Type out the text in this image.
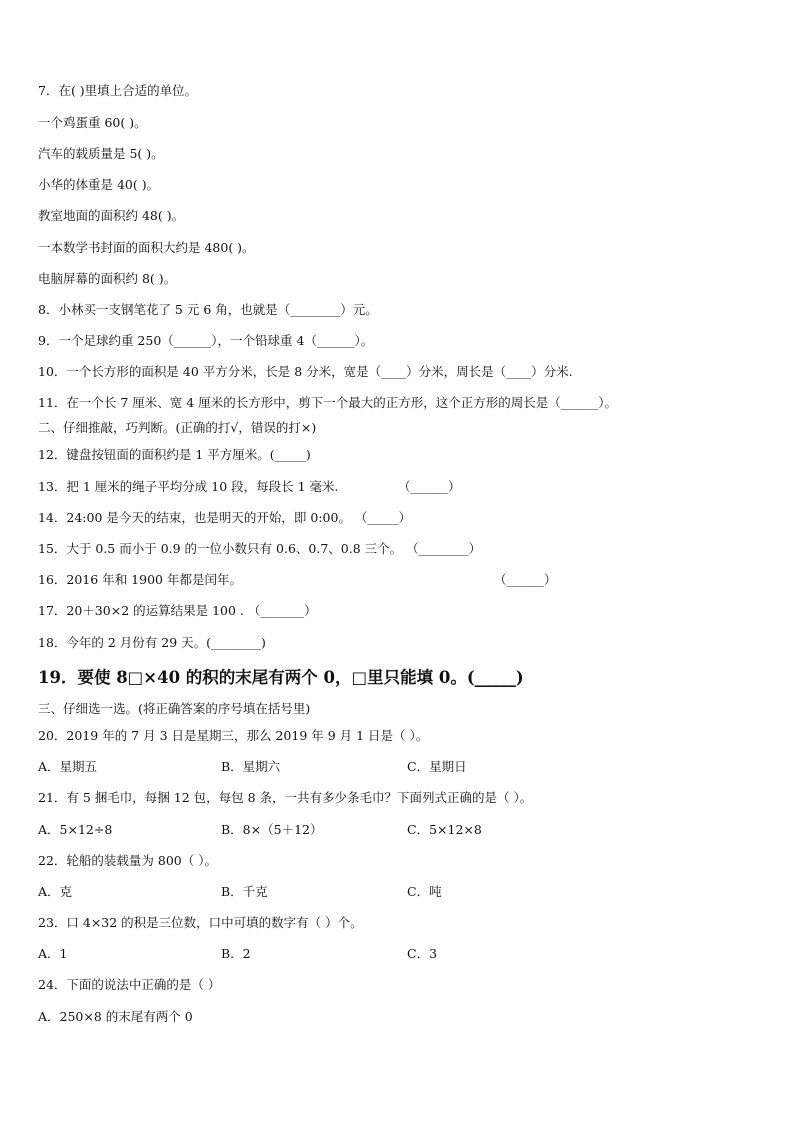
7．在( )里填上合适的单位。
一个鸡蛋重 60( )。
汽车的载质量是 5( )。
小华的体重是 40( )。
教室地面的面积约 48( )。
一本数学书封面的面积大约是 480( )。
电脑屏幕的面积约 8( )。
8．小林买一支钢笔花了 5 元 6 角，也就是（________）元。
9．一个足球约重 250（______），一个铅球重 4（______）。
10．一个长方形的面积是 40 平方分米，长是 8 分米，宽是（____）分米，周长是（____）分米.
11．在一个长 7 厘米、宽 4 厘米的长方形中，剪下一个最大的正方形，这个正方形的周长是（______）。
二、仔细推敲，巧判断。(正确的打√，错误的打×)
12．键盘按钮面的面积约是 1 平方厘米。(_____)
13．把 1 厘米的绳子平均分成 10 段，每段长 1 毫米.	（______）
14．24:00 是今天的结束，也是明天的开始，即 0:00。 （_____）
15．大于 0.5 而小于 0.9 的一位小数只有 0.6、0.7、0.8 三个。 （________）
16．2016 年和 1900 年都是闰年。	（______）
17．20＋30×2 的运算结果是 100 . （_______）
18．今年的 2 月份有 29 天。(________)
19．要使 8□×40 的积的末尾有两个 0，□里只能填 0。(_____)
三、仔细选一选。(将正确答案的序号填在括号里)
20．2019 年的 7 月 3 日是星期三，那么 2019 年 9 月 1 日是（ ）。
A．星期五	B．星期六	C．星期日
21．有 5 捆毛巾，每捆 12 包，每包 8 条，一共有多少条毛巾？下面列式正确的是（ ）。
A．5×12÷8	B．8×（5＋12）	C．5×12×8
22．轮船的装载量为 800（ ）。
A．克	B．千克	C．吨
23．口 4×32 的积是三位数，口中可填的数字有（ ）个。
A．1	B．2	C．3
24．下面的说法中正确的是（ ）
A．250×8 的末尾有两个 0
